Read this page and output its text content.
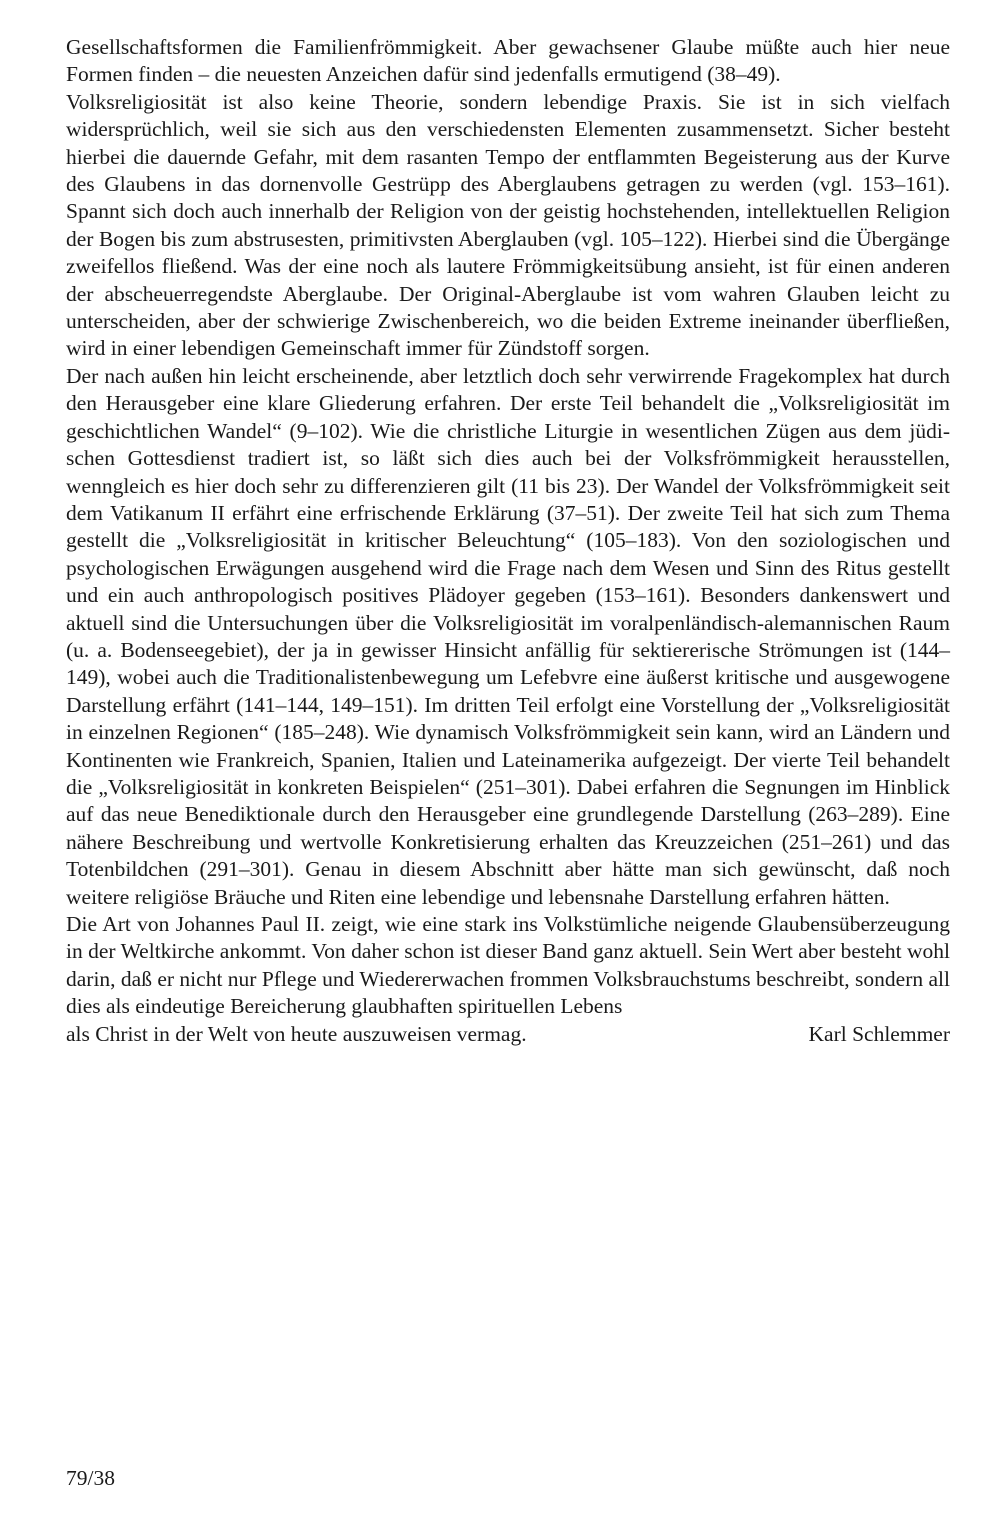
Gesellschaftsformen die Familienfrömmigkeit. Aber gewachsener Glaube müßte auch hier neue Formen finden – die neuesten Anzeichen dafür sind jedenfalls ermutigend (38–49).

Volksreligiosität ist also keine Theorie, sondern lebendige Praxis. Sie ist in sich vielfach widersprüchlich, weil sie sich aus den verschiedensten Elementen zusammensetzt. Sicher besteht hierbei die dauernde Gefahr, mit dem rasanten Tempo der entflammten Begeisterung aus der Kurve des Glaubens in das dornenvolle Gestrüpp des Aberglaubens getragen zu werden (vgl. 153–161). Spannt sich doch auch innerhalb der Religion von der geistig hochstehenden, intellektuellen Religion der Bogen bis zum abstrusesten, primitivsten Aberglauben (vgl. 105–122). Hierbei sind die Übergänge zweifellos fließend. Was der eine noch als lautere Frömmigkeitsübung ansieht, ist für einen anderen der abscheuerregendste Aberglaube. Der Original-Aberglaube ist vom wahren Glauben leicht zu unterscheiden, aber der schwierige Zwischenbereich, wo die beiden Extreme ineinander überfließen, wird in einer lebendigen Gemeinschaft immer für Zündstoff sorgen.

Der nach außen hin leicht erscheinende, aber letztlich doch sehr verwirrende Fragekomplex hat durch den Herausgeber eine klare Gliederung erfahren. Der erste Teil behandelt die „Volksreligiosität im geschichtlichen Wandel“ (9–102). Wie die christliche Liturgie in wesentlichen Zügen aus dem jüdischen Gottesdienst tradiert ist, so läßt sich dies auch bei der Volksfrömmigkeit herausstellen, wenngleich es hier doch sehr zu differenzieren gilt (11 bis 23). Der Wandel der Volksfrömmigkeit seit dem Vatikanum II erfährt eine erfrischende Erklärung (37–51). Der zweite Teil hat sich zum Thema gestellt die „Volksreligiosität in kritischer Beleuchtung“ (105–183). Von den soziologischen und psychologischen Erwägungen ausgehend wird die Frage nach dem Wesen und Sinn des Ritus gestellt und ein auch anthropologisch positives Plädoyer gegeben (153–161). Besonders dankenswert und aktuell sind die Untersuchungen über die Volksreligiosität im voralpenländisch-alemannischen Raum (u. a. Bodenseegebiet), der ja in gewisser Hinsicht anfällig für sektiererische Strömungen ist (144–149), wobei auch die Traditionalistenbewegung um Lefebvre eine äußerst kritische und ausgewogene Darstellung erfährt (141–144, 149–151). Im dritten Teil erfolgt eine Vorstellung der „Volksreligiosität in einzelnen Regionen“ (185–248). Wie dynamisch Volksfrömmigkeit sein kann, wird an Ländern und Kontinenten wie Frankreich, Spanien, Italien und Lateinamerika aufgezeigt. Der vierte Teil behandelt die „Volksreligiosität in konkreten Beispielen“ (251–301). Dabei erfahren die Segnungen im Hinblick auf das neue Benediktionale durch den Herausgeber eine grundlegende Darstellung (263–289). Eine nähere Beschreibung und wertvolle Konkretisierung erhalten das Kreuzzeichen (251–261) und das Totenbildchen (291–301). Genau in diesem Abschnitt aber hätte man sich gewünscht, daß noch weitere religiöse Bräuche und Riten eine lebendige und lebensnahe Darstellung erfahren hätten.

Die Art von Johannes Paul II. zeigt, wie eine stark ins Volkstümliche neigende Glaubensüberzeugung in der Weltkirche ankommt. Von daher schon ist dieser Band ganz aktuell. Sein Wert aber besteht wohl darin, daß er nicht nur Pflege und Wiedererwachen frommen Volksbrauchstums beschreibt, sondern all dies als eindeutige Bereicherung glaubhaften spirituellen Lebens
als Christ in der Welt von heute auszuweisen vermag.	Karl Schlemmer
79/38
